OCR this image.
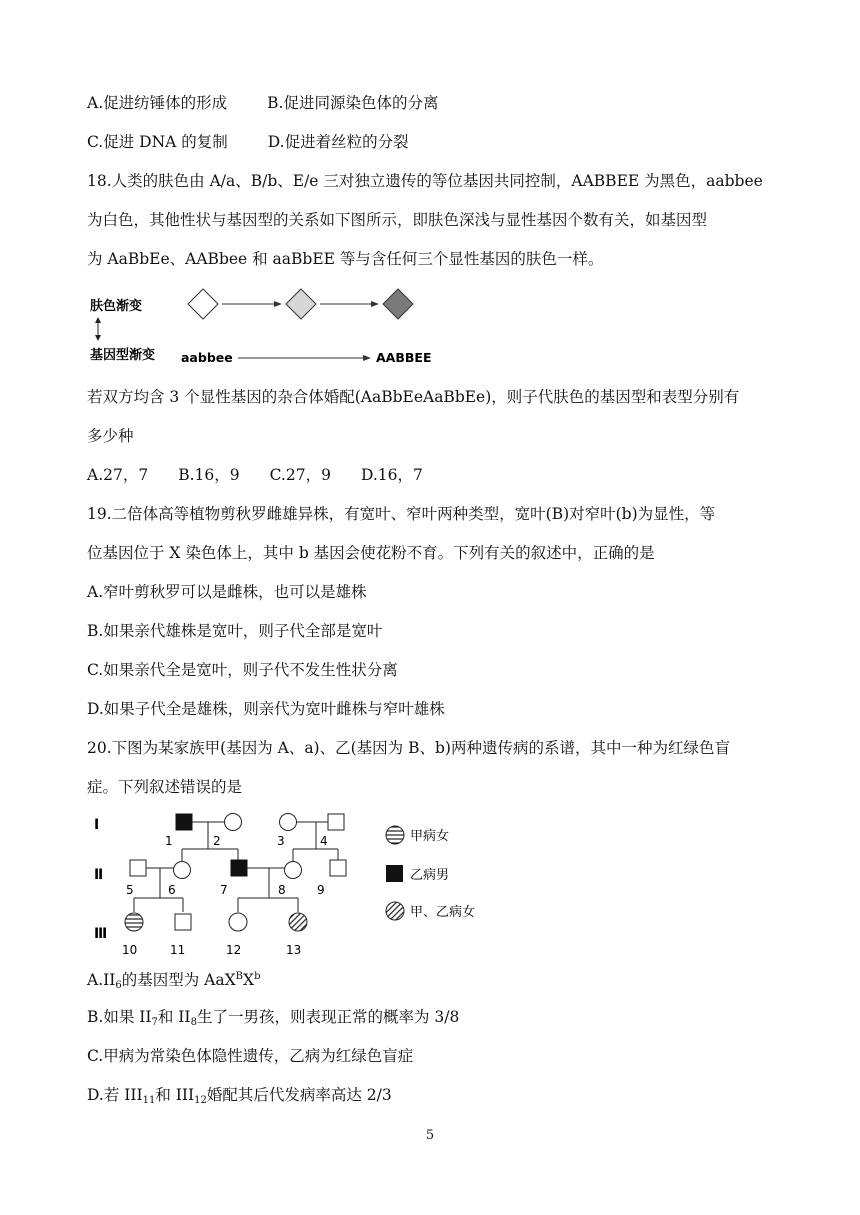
A.促进纺锤体的形成	B.促进同源染色体的分离
C.促进 DNA 的复制	D.促进着丝粒的分裂
18.人类的肤色由 A/a、B/b、E/e 三对独立遗传的等位基因共同控制，AABBEE 为黑色，aabbee
为白色，其他性状与基因型的关系如下图所示，即肤色深浅与显性基因个数有关，如基因型
为 AaBbEe、AABbee 和 aaBbEE 等与含任何三个显性基因的肤色一样。
肤色渐变
基因型渐变 aabbee	AABBEE
若双方均含 3 个显性基因的杂合体婚配(AaBbEeAaBbEe)，则子代肤色的基因型和表型分别有
多少种
A.27，7 B.16，9 C.27，9 D.16，7
19.二倍体高等植物剪秋罗雌雄异株，有宽叶、窄叶两种类型，宽叶(B)对窄叶(b)为显性，等
位基因位于 X 染色体上，其中 b 基因会使花粉不育。下列有关的叙述中，正确的是
A.窄叶剪秋罗可以是雌株，也可以是雄株
B.如果亲代雄株是宽叶，则子代全部是宽叶
C.如果亲代全是宽叶，则子代不发生性状分离
D.如果子代全是雄株，则亲代为宽叶雌株与窄叶雄株
20.下图为某家族甲(基因为 A、a)、乙(基因为 B、b)两种遗传病的系谱，其中一种为红绿色盲
症。下列叙述错误的是
I
Ⅱ
Ⅲ
1	2	3	4
5	6	7	8	9
10	11	12	13
甲病女
乙病男
甲、乙病女
$A.II_6$的基因型为 $AaX^BX^b$
B.如果 $II_7$和 $II_8$生了一男孩，则表现正常的概率为 3/8
C.甲病为常染色体隐性遗传，乙病为红绿色盲症
D.若 $III_{11}$和 $III_{12}$婚配其后代发病率高达 2/3
5
